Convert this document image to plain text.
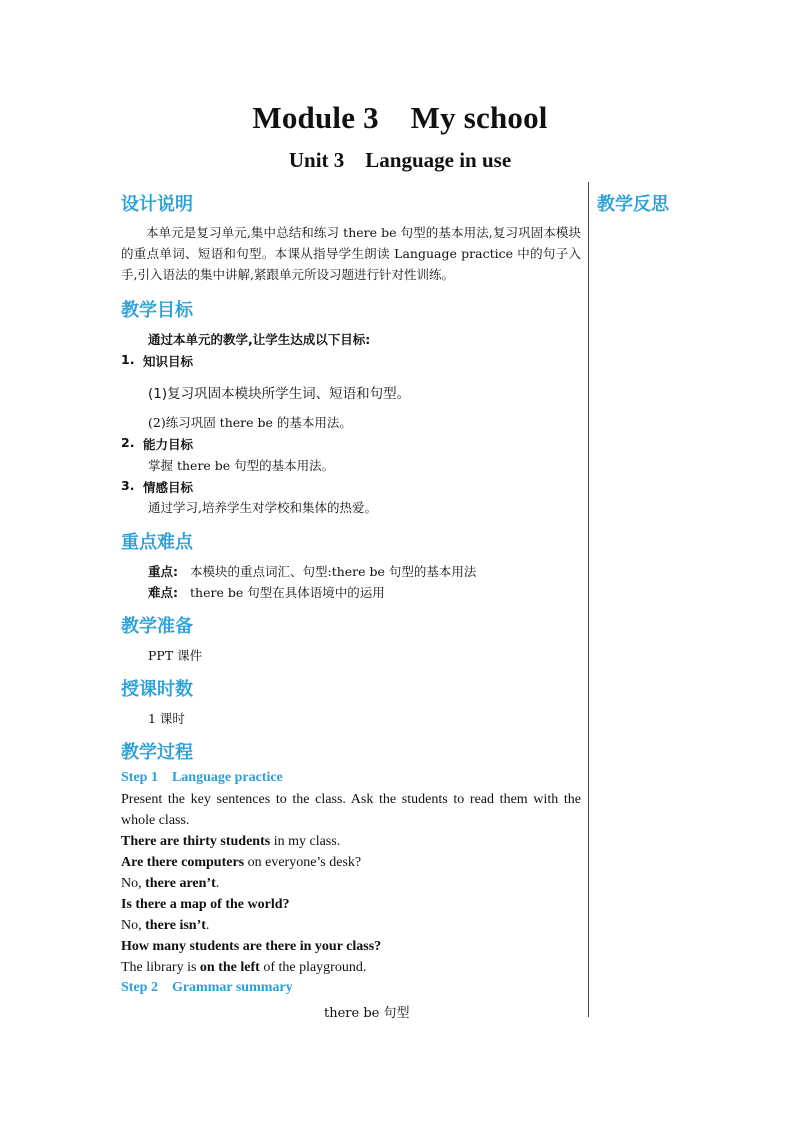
Module 3    My school
Unit 3    Language in use
教学反思
设计说明
本单元是复习单元,集中总结和练习 there be 句型的基本用法,复习巩固本模块的重点单词、短语和句型。本课从指导学生朗读 Language practice 中的句子入手,引入语法的集中讲解,紧跟单元所设习题进行针对性训练。
教学目标
通过本单元的教学,让学生达成以下目标:
1. 知识目标
(1)复习巩固本模块所学生词、短语和句型。
(2)练习巩固 there be 的基本用法。
2. 能力目标
掌握 there be 句型的基本用法。
3. 情感目标
通过学习,培养学生对学校和集体的热爱。
重点难点
重点: 本模块的重点词汇、句型:there be 句型的基本用法
难点: there be 句型在具体语境中的运用
教学准备
PPT 课件
授课时数
1 课时
教学过程
Step 1    Language practice
Present the key sentences to the class. Ask the students to read them with the
whole class.
There are thirty students in my class.
Are there computers on everyone’s desk?
No, there aren’t.
Is there a map of the world?
No, there isn’t.
How many students are there in your class?
The library is on the left of the playground.
Step 2    Grammar summary
there be 句型
